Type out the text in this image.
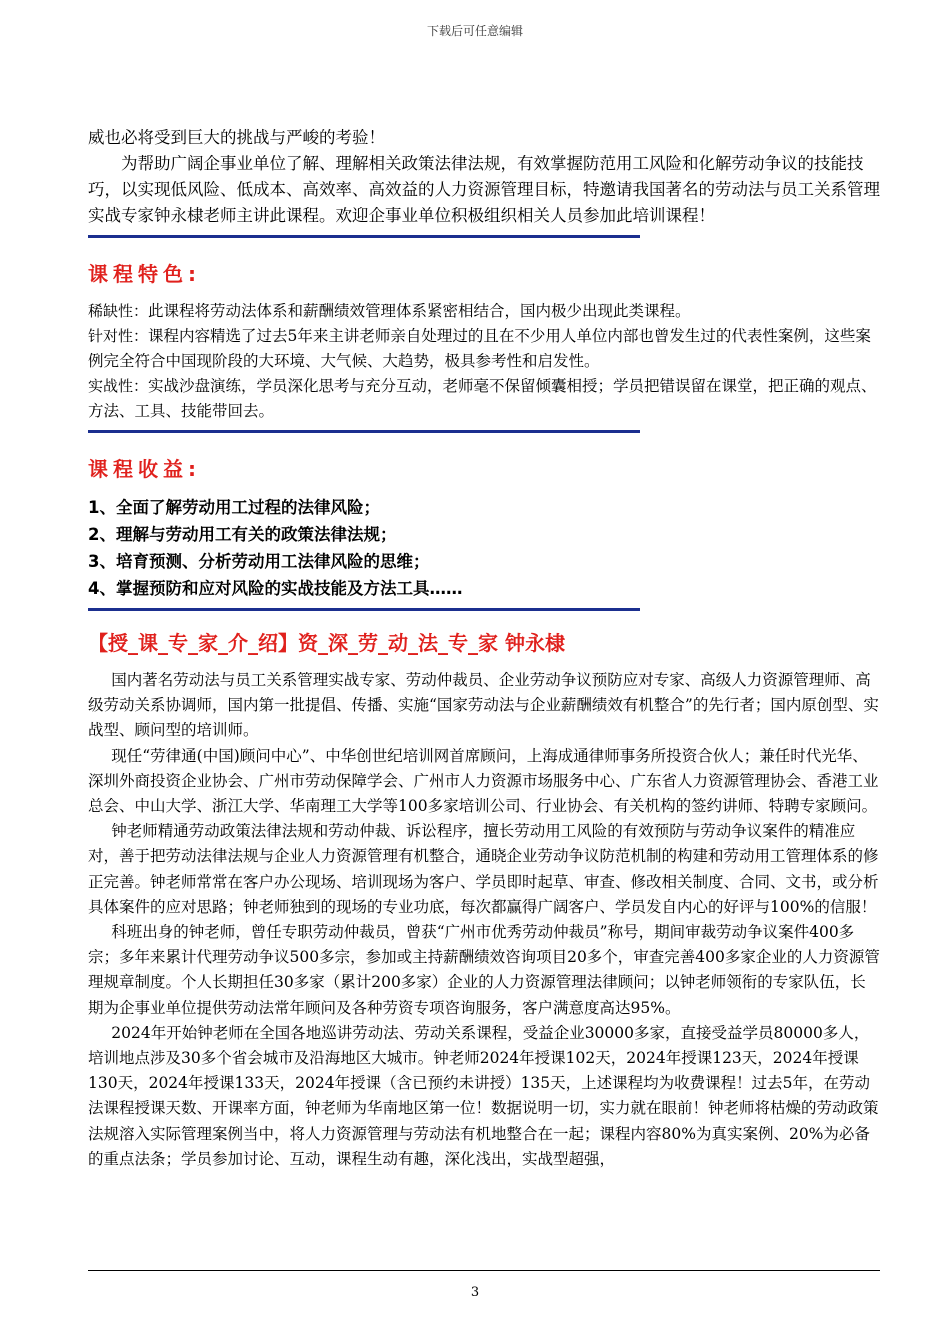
下载后可任意编辑

威也必将受到巨大的挑战与严峻的考验！

为帮助广阔企事业单位了解、理解相关政策法律法规，有效掌握防范用工风险和化解劳动争议的技能技巧，以实现低风险、低成本、高效率、高效益的人力资源管理目标，特邀请我国著名的劳动法与员工关系管理实战专家钟永棣老师主讲此课程。欢迎企事业单位积极组织相关人员参加此培训课程！

课程特色:

稀缺性：此课程将劳动法体系和薪酬绩效管理体系紧密相结合，国内极少出现此类课程。

针对性：课程内容精选了过去5年来主讲老师亲自处理过的且在不少用人单位内部也曾发生过的代表性案例，这些案例完全符合中国现阶段的大环境、大气候、大趋势，极具参考性和启发性。

实战性：实战沙盘演练，学员深化思考与充分互动，老师毫不保留倾囊相授；学员把错误留在课堂，把正确的观点、方法、工具、技能带回去。

课程收益:

1、全面了解劳动用工过程的法律风险；

2、理解与劳动用工有关的政策法律法规；

3、培育预测、分析劳动用工法律风险的思维；

4、掌握预防和应对风险的实战技能及方法工具……

【授_课_专_家_介_绍】资_深_劳_动_法_专_家 钟永棣

国内著名劳动法与员工关系管理实战专家、劳动仲裁员、企业劳动争议预防应对专家、高级人力资源管理师、高级劳动关系协调师，国内第一批提倡、传播、实施“国家劳动法与企业薪酬绩效有机整合”的先行者；国内原创型、实战型、顾问型的培训师。

现任“劳律通(中国)顾问中心”、中华创世纪培训网首席顾问，上海成通律师事务所投资合伙人；兼任时代光华、深圳外商投资企业协会、广州市劳动保障学会、广州市人力资源市场服务中心、广东省人力资源管理协会、香港工业总会、中山大学、浙江大学、华南理工大学等100多家培训公司、行业协会、有关机构的签约讲师、特聘专家顾问。

钟老师精通劳动政策法律法规和劳动仲裁、诉讼程序，擅长劳动用工风险的有效预防与劳动争议案件的精准应对，善于把劳动法律法规与企业人力资源管理有机整合，通晓企业劳动争议防范机制的构建和劳动用工管理体系的修正完善。钟老师常常在客户办公现场、培训现场为客户、学员即时起草、审查、修改相关制度、合同、文书，或分析具体案件的应对思路；钟老师独到的现场的专业功底，每次都赢得广阔客户、学员发自内心的好评与100%的信服！

科班出身的钟老师，曾任专职劳动仲裁员，曾获“广州市优秀劳动仲裁员”称号，期间审裁劳动争议案件400多宗；多年来累计代理劳动争议500多宗，参加或主持薪酬绩效咨询项目20多个，审查完善400多家企业的人力资源管理规章制度。个人长期担任30多家（累计200多家）企业的人力资源管理法律顾问；以钟老师领衔的专家队伍，长期为企事业单位提供劳动法常年顾问及各种劳资专项咨询服务，客户满意度高达95%。

2024年开始钟老师在全国各地巡讲劳动法、劳动关系课程，受益企业30000多家，直接受益学员80000多人，培训地点涉及30多个省会城市及沿海地区大城市。钟老师2024年授课102天，2024年授课123天，2024年授课130天，2024年授课133天，2024年授课（含已预约未讲授）135天，上述课程均为收费课程！过去5年，在劳动法课程授课天数、开课率方面，钟老师为华南地区第一位！数据说明一切，实力就在眼前！钟老师将枯燥的劳动政策法规溶入实际管理案例当中，将人力资源管理与劳动法有机地整合在一起；课程内容80%为真实案例、20%为必备的重点法条；学员参加讨论、互动，课程生动有趣，深化浅出，实战型超强，

3
